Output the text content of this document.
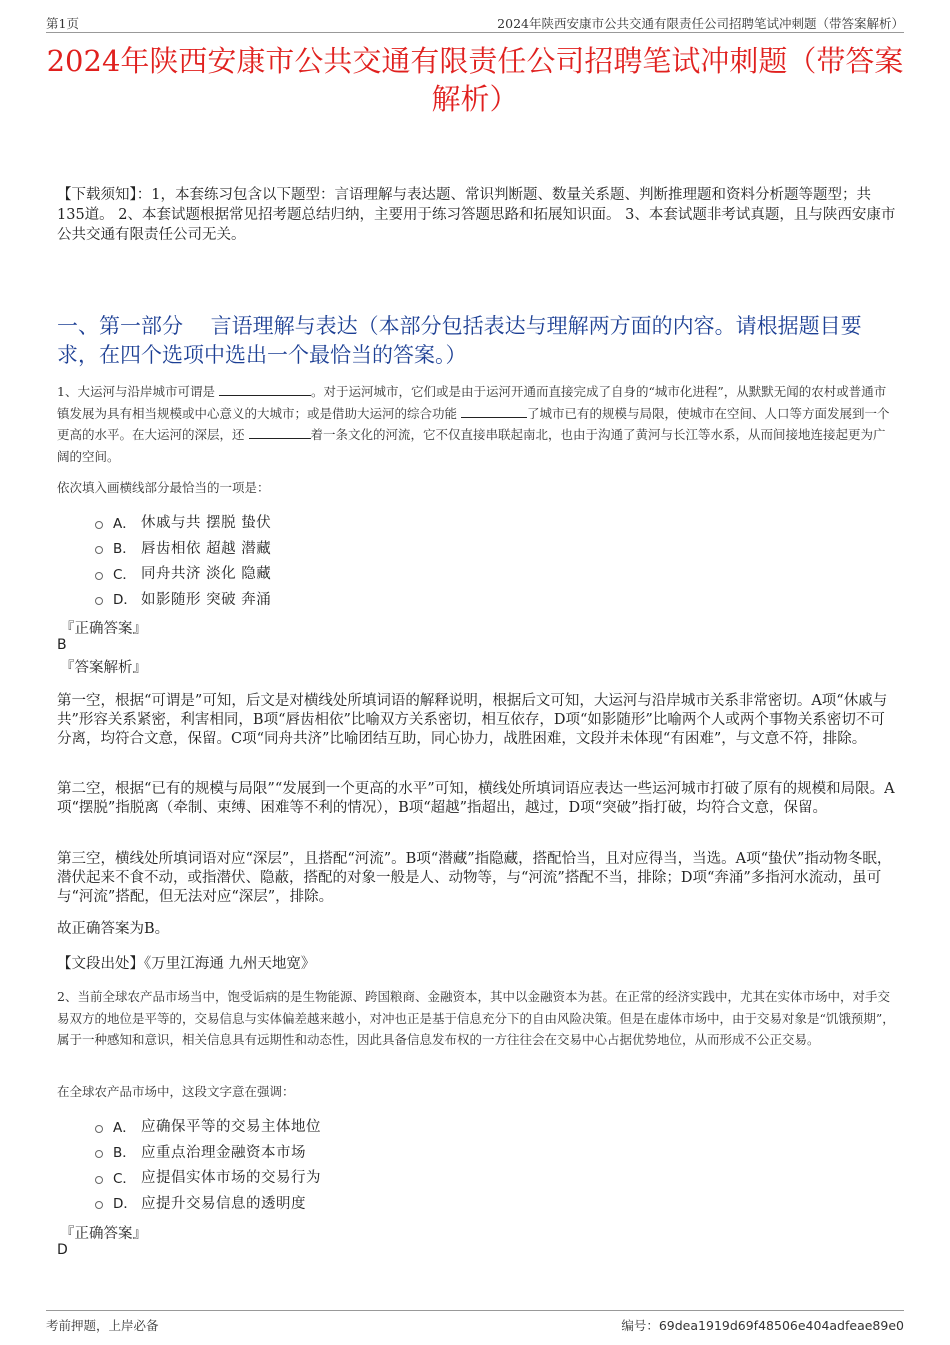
第1页	2024年陕西安康市公共交通有限责任公司招聘笔试冲刺题（带答案解析）
2024年陕西安康市公共交通有限责任公司招聘笔试冲刺题（带答案解析）

【下载须知】：1，本套练习包含以下题型：言语理解与表达题、常识判断题、数量关系题、判断推理题和资料分析题等题型；共135道。 2、本套试题根据常见招考题总结归纳，主要用于练习答题思路和拓展知识面。 3、本套试题非考试真题，且与陕西安康市公共交通有限责任公司无关。

一、第一部分　 言语理解与表达（本部分包括表达与理解两方面的内容。请根据题目要求，在四个选项中选出一个最恰当的答案。）

1、大运河与沿岸城市可谓是	。对于运河城市，它们或是由于运河开通而直接完成了自身的“城市化进程”，从默默无闻的农村或普通市镇发展为具有相当规模或中心意义的大城市；或是借助大运河的综合功能	了城市已有的规模与局限，使城市在空间、人口等方面发展到一个更高的水平。在大运河的深层，还	着一条文化的河流，它不仅直接串联起南北，也由于沟通了黄河与长江等水系，从而间接地连接起更为广阔的空间。

依次填入画横线部分最恰当的一项是：

A． 休戚与共 摆脱 蛰伏
B． 唇齿相依 超越 潜藏
C． 同舟共济 淡化 隐藏
D． 如影随形 突破 奔涌

『正确答案』

B

『答案解析』

第一空，根据“可谓是”可知，后文是对横线处所填词语的解释说明，根据后文可知，大运河与沿岸城市关系非常密切。A项“休戚与共”形容关系紧密，利害相同，B项“唇齿相依”比喻双方关系密切，相互依存，D项“如影随形”比喻两个人或两个事物关系密切不可分离，均符合文意，保留。C项“同舟共济”比喻团结互助，同心协力，战胜困难，文段并未体现“有困难”，与文意不符，排除。

第二空，根据“已有的规模与局限”“发展到一个更高的水平”可知，横线处所填词语应表达一些运河城市打破了原有的规模和局限。A项“摆脱”指脱离（牵制、束缚、困难等不利的情况），B项“超越”指超出，越过，D项“突破”指打破，均符合文意，保留。

第三空，横线处所填词语对应“深层”，且搭配“河流”。B项“潜藏”指隐藏，搭配恰当，且对应得当，当选。A项“蛰伏”指动物冬眠，潜伏起来不食不动，或指潜伏、隐蔽，搭配的对象一般是人、动物等，与“河流”搭配不当，排除；D项“奔涌”多指河水流动，虽可与“河流”搭配，但无法对应“深层”，排除。

故正确答案为B。

【文段出处】《万里江海通 九州天地宽》

2、当前全球农产品市场当中，饱受诟病的是生物能源、跨国粮商、金融资本，其中以金融资本为甚。在正常的经济实践中，尤其在实体市场中，对手交易双方的地位是平等的，交易信息与实体偏差越来越小，对冲也正是基于信息充分下的自由风险决策。但是在虚体市场中，由于交易对象是“饥饿预期”，属于一种感知和意识，相关信息具有远期性和动态性，因此具备信息发布权的一方往往会在交易中心占据优势地位，从而形成不公正交易。

在全球农产品市场中，这段文字意在强调：

A． 应确保平等的交易主体地位
B． 应重点治理金融资本市场
C． 应提倡实体市场的交易行为
D． 应提升交易信息的透明度

『正确答案』

D

考前押题，上岸必备	编号：69dea1919d69f48506e404adfeae89e0
